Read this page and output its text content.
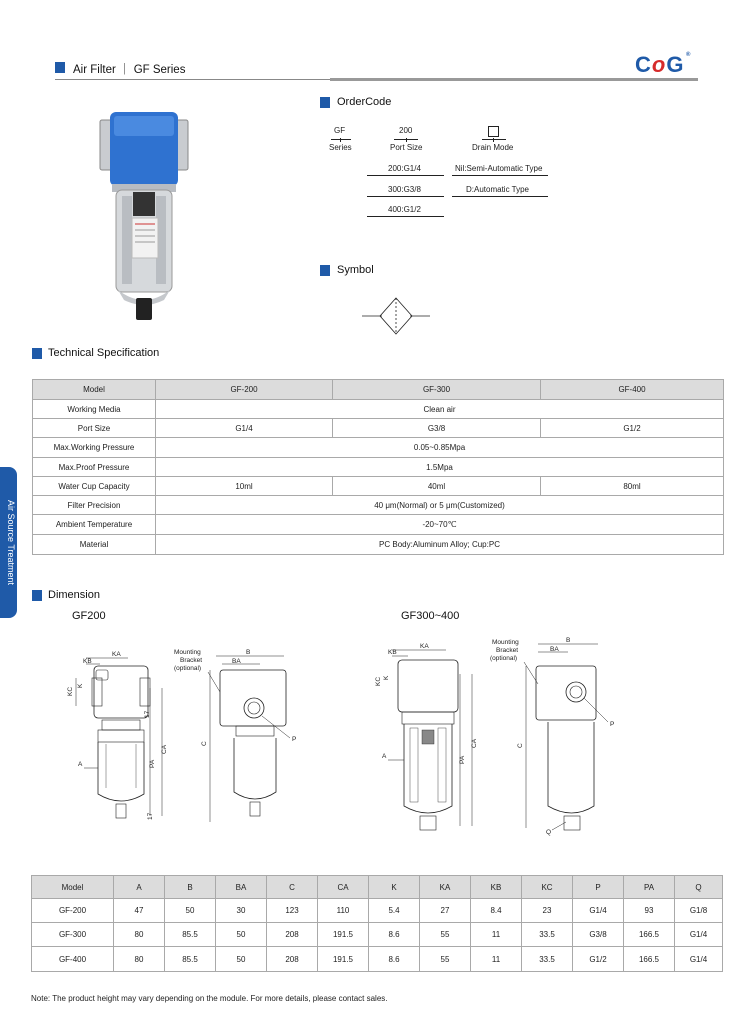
Air Filter ｜ GF Series	CoG ®
OrderCode
GF
Series
200
Port Size	Drain Mode
200:G1/4
300:G3/8
400:G1/2
Nil:Semi-Automatic Type
D:Automatic Type
Symbol
Technical Specification
Model	GF-200	GF-300	GF-400
Working Media	Clean air		
Port Size	G1/4	G3/8	G1/2
Max.Working Pressure	0.05~0.85Mpa		
Max.Proof Pressure	1.5Mpa		
Water Cup Capacity	10ml	40ml	80ml
Filter Precision	40 μm(Normal) or 5 μm(Customized)		
Ambient Temperature	-20~70℃		
Material	PC Body:Aluminum Alloy; Cup:PC		
Air Source Treatment
Dimension
GF200	GF300~400
KB
KA
KC
K
A	PA
CA
17
17
Mounting
Bracket
(optional)
B
BA
C
P
KB
KA
KC K
A	PA
CA
Mounting
Bracket
(optional)
B
BA
C
P
Q
Model	A	B	BA	C	CA	K	KA	KB	KC	P	PA	Q
GF-200	47	50	30	123	110	5.4	27	8.4	23	G1/4	93	G1/8
GF-300	80	85.5	50	208	191.5	8.6	55	11	33.5	G3/8	166.5	G1/4
GF-400	80	85.5	50	208	191.5	8.6	55	11	33.5	G1/2	166.5	G1/4
Note: The product height may vary depending on the module. For more details, please contact sales.
